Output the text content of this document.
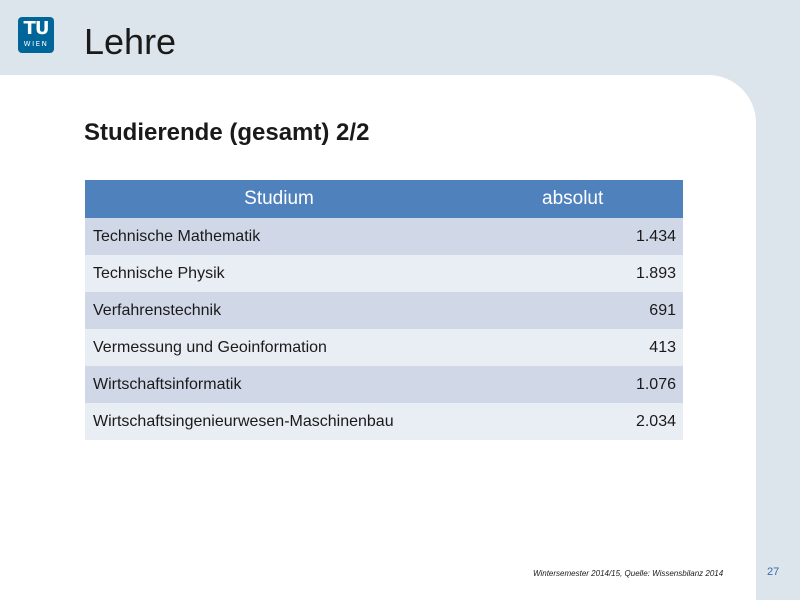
TU
WIEN Lehre
Studierende (gesamt) 2/2
Studium	absolut
Technische Mathematik	1.434
Technische Physik	1.893
Verfahrenstechnik	691
Vermessung und Geoinformation	413
Wirtschaftsinformatik	1.076
Wirtschaftsingenieurwesen-Maschinenbau	2.034
Wintersemester 2014/15, Quelle: Wissensbilanz 2014	27
